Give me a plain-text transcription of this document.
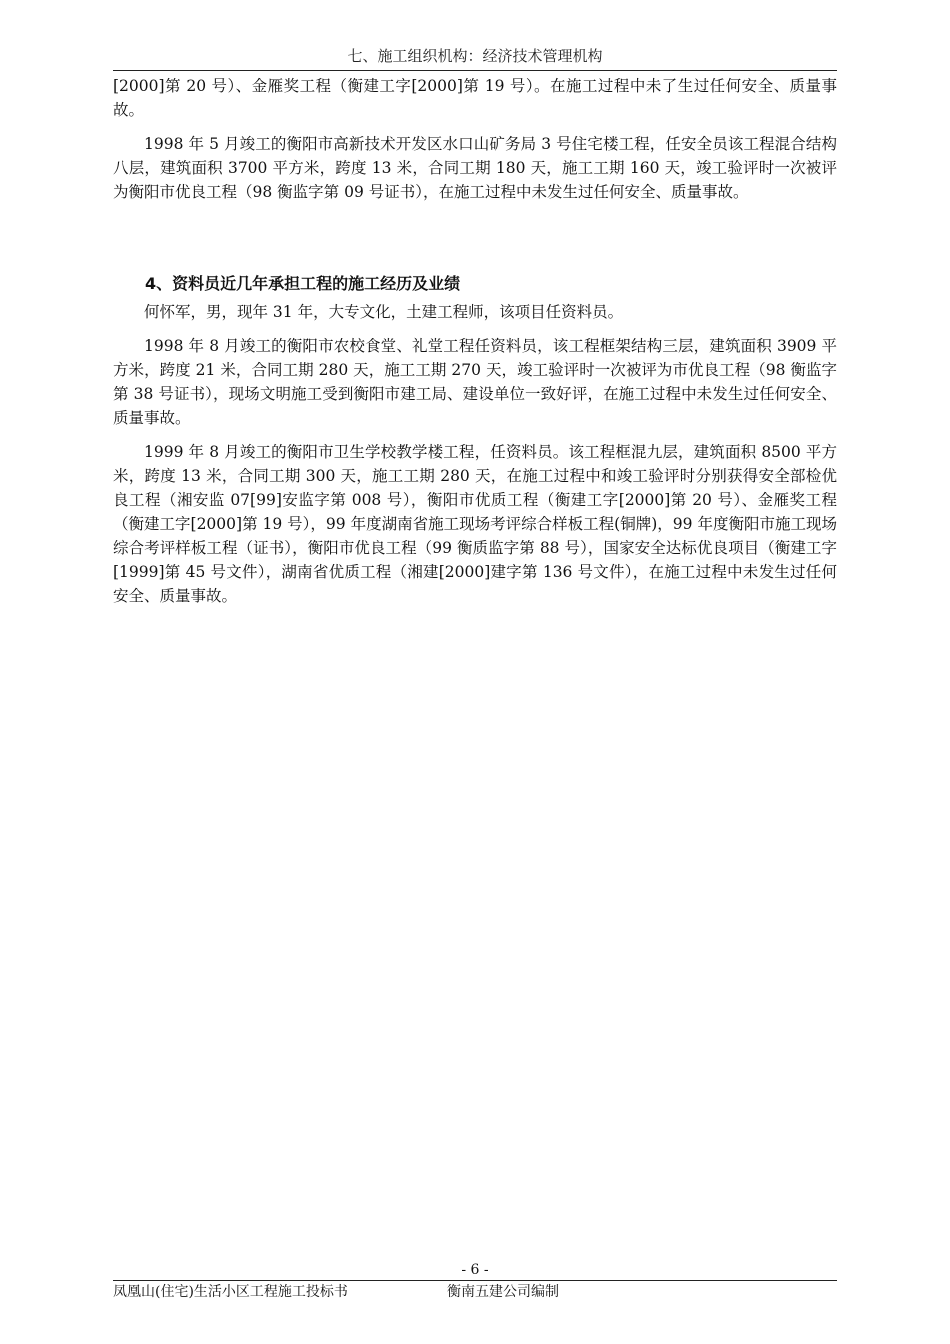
七、施工组织机构：经济技术管理机构

[2000]第 20 号）、金雁奖工程（衡建工字[2000]第 19 号）。在施工过程中未了生过任何安全、质量事故。

1998 年 5 月竣工的衡阳市高新技术开发区水口山矿务局 3 号住宅楼工程，任安全员该工程混合结构八层，建筑面积 3700 平方米，跨度 13 米，合同工期 180 天，施工工期 160 天，竣工验评时一次被评为衡阳市优良工程（98 衡监字第 09 号证书），在施工过程中未发生过任何安全、质量事故。

4、资料员近几年承担工程的施工经历及业绩

何怀军，男，现年 31 年，大专文化，土建工程师，该项目任资料员。

1998 年 8 月竣工的衡阳市农校食堂、礼堂工程任资料员，该工程框架结构三层，建筑面积 3909 平方米，跨度 21 米，合同工期 280 天，施工工期 270 天，竣工验评时一次被评为市优良工程（98 衡监字第 38 号证书），现场文明施工受到衡阳市建工局、建设单位一致好评，在施工过程中未发生过任何安全、质量事故。

1999 年 8 月竣工的衡阳市卫生学校教学楼工程，任资料员。该工程框混九层，建筑面积 8500 平方米，跨度 13 米，合同工期 300 天，施工工期 280 天，在施工过程中和竣工验评时分别获得安全部检优良工程（湘安监 07[99]安监字第 008 号），衡阳市优质工程（衡建工字[2000]第 20 号）、金雁奖工程（衡建工字[2000]第 19 号），99 年度湖南省施工现场考评综合样板工程(铜牌)，99 年度衡阳市施工现场综合考评样板工程（证书），衡阳市优良工程（99 衡质监字第 88 号），国家安全达标优良项目（衡建工字[1999]第 45 号文件），湖南省优质工程（湘建[2000]建字第 136 号文件），在施工过程中未发生过任何安全、质量事故。

- 6 -
凤凰山(住宅)生活小区工程施工投标书	衡南五建公司编制
